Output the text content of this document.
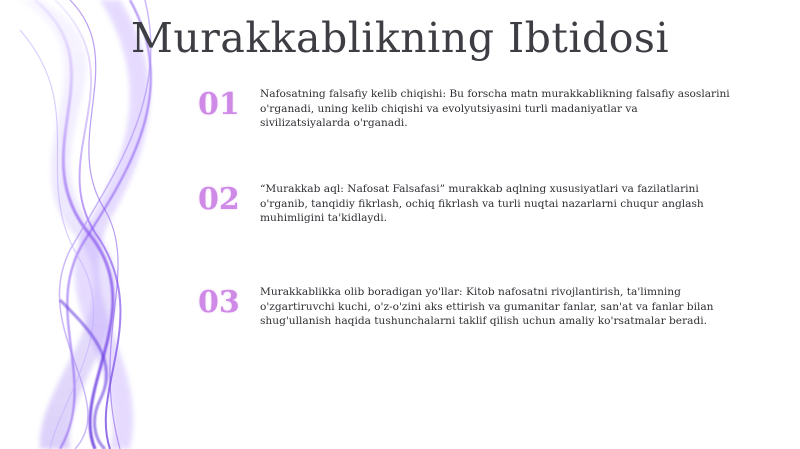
Murakkablikning Ibtidosi
01	Nafosatning falsafiy kelib chiqishi: Bu forscha matn murakkablikning falsafiy asoslarini o'rganadi, uning kelib chiqishi va evolyutsiyasini turli madaniyatlar va sivilizatsiyalarda o'rganadi.
02	“Murakkab aql: Nafosat Falsafasi” murakkab aqlning xususiyatlari va fazilatlarini o'rganib, tanqidiy fikrlash, ochiq fikrlash va turli nuqtai nazarlarni chuqur anglash muhimligini ta'kidlaydi.
03	Murakkablikka olib boradigan yo'llar: Kitob nafosatni rivojlantirish, ta'limning o'zgartiruvchi kuchi, o'z-o'zini aks ettirish va gumanitar fanlar, san'at va fanlar bilan shug'ullanish haqida tushunchalarni taklif qilish uchun amaliy ko'rsatmalar beradi.
